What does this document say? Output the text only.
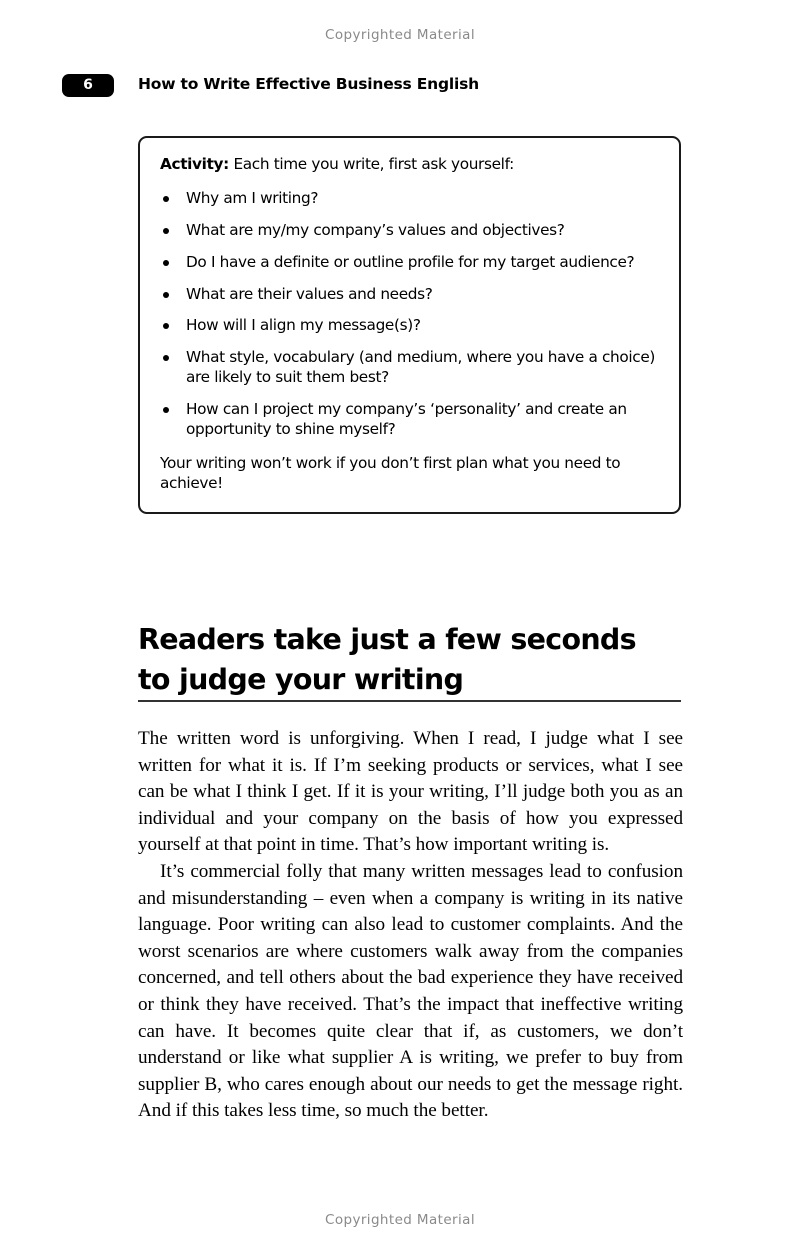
Copyrighted Material
6	How to Write Effective Business English

Activity: Each time you write, first ask yourself:

Why am I writing?
What are my/my company’s values and objectives?
Do I have a definite or outline profile for my target audience?
What are their values and needs?
How will I align my message(s)?
What style, vocabulary (and medium, where you have a choice) are likely to suit them best?
How can I project my company’s ‘personality’ and create an opportunity to shine myself?

Your writing won’t work if you don’t first plan what you need to achieve!

Readers take just a few seconds
to judge your writing

The written word is unforgiving. When I read, I judge what I see written for what it is. If I’m seeking products or services, what I see can be what I think I get. If it is your writing, I’ll judge both you as an individual and your company on the basis of how you expressed yourself at that point in time. That’s how important writing is.

It’s commercial folly that many written messages lead to confusion and misunderstanding – even when a company is writing in its native language. Poor writing can also lead to customer complaints. And the worst scenarios are where customers walk away from the companies concerned, and tell others about the bad experience they have received or think they have received. That’s the impact that ineffective writing can have. It becomes quite clear that if, as customers, we don’t understand or like what supplier A is writing, we prefer to buy from supplier B, who cares enough about our needs to get the message right. And if this takes less time, so much the better.

Copyrighted Material
